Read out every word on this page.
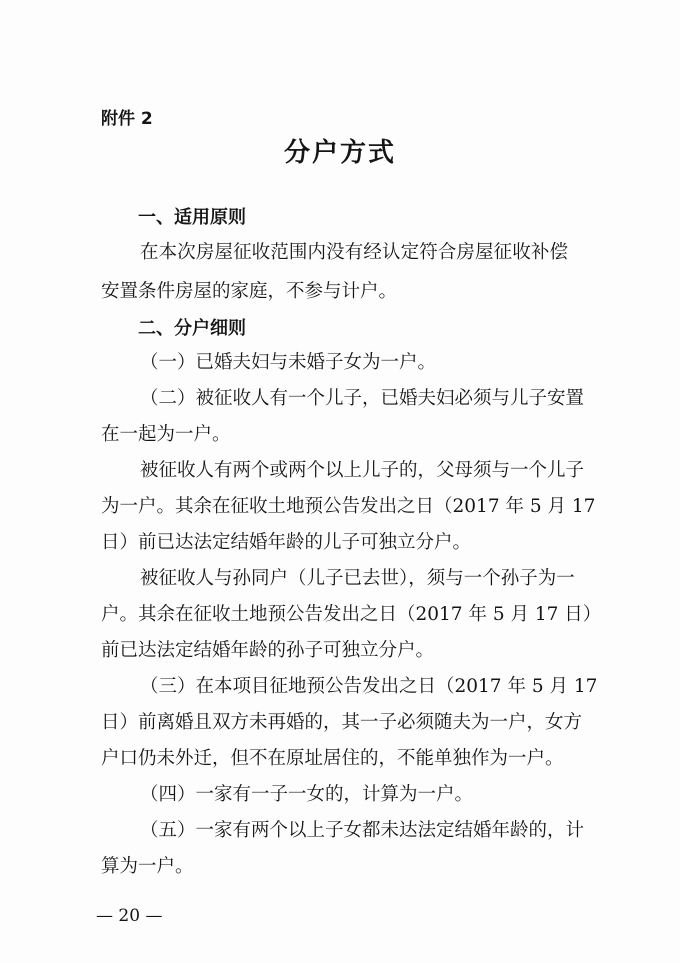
附件 2
分户方式
一、适用原则
在本次房屋征收范围内没有经认定符合房屋征收补偿
安置条件房屋的家庭，不参与计户。
二、分户细则
（一）已婚夫妇与未婚子女为一户。
（二）被征收人有一个儿子，已婚夫妇必须与儿子安置
在一起为一户。
被征收人有两个或两个以上儿子的，父母须与一个儿子
为一户。其余在征收土地预公告发出之日（2017 年 5 月 17
日）前已达法定结婚年龄的儿子可独立分户。
被征收人与孙同户（儿子已去世），须与一个孙子为一
户。其余在征收土地预公告发出之日（2017 年 5 月 17 日）
前已达法定结婚年龄的孙子可独立分户。
（三）在本项目征地预公告发出之日（2017 年 5 月 17
日）前离婚且双方未再婚的，其一子必须随夫为一户，女方
户口仍未外迁，但不在原址居住的，不能单独作为一户。
（四）一家有一子一女的，计算为一户。
（五）一家有两个以上子女都未达法定结婚年龄的，计
算为一户。
— 20 —
